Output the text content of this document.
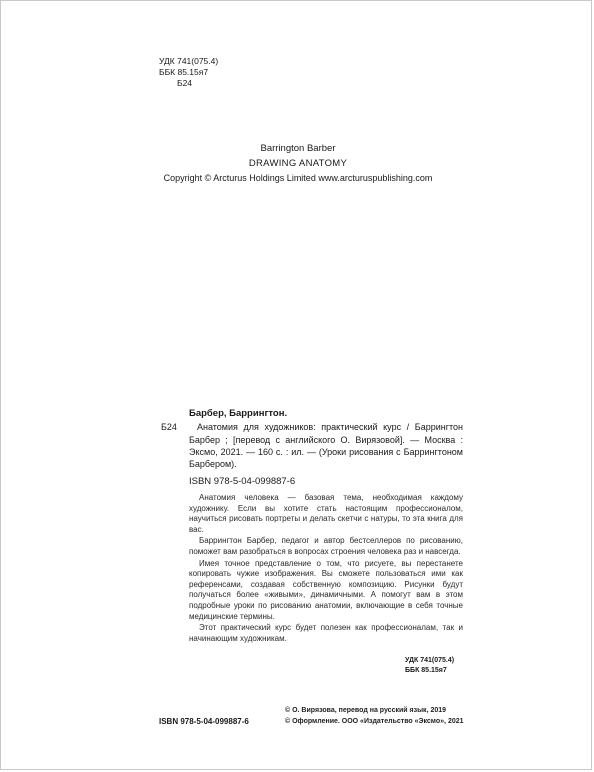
УДК 741(075.4)
ББК 85.15я7
Б24
Barrington Barber
DRAWING ANATOMY
Copyright © Arcturus Holdings Limited www.arcturuspublishing.com
Б24
Барбер, Баррингтон.
Анатомия для художников: практический курс / Баррингтон Барбер ; [перевод с английского О. Вирязовой]. — Москва : Эксмо, 2021. — 160 с. : ил. — (Уроки рисования с Баррингтоном Барбером).
ISBN 978-5-04-099887-6

Анатомия человека — базовая тема, необходимая каждому художнику. Если вы хотите стать настоящим профессионалом, научиться рисовать портреты и делать скетчи с натуры, то эта книга для вас.

Баррингтон Барбер, педагог и автор бестселлеров по рисованию, поможет вам разобраться в вопросах строения человека раз и навсегда.

Имея точное представление о том, что рисуете, вы перестанете копировать чужие изображения. Вы сможете пользоваться ими как референсами, создавая собственную композицию. Рисунки будут получаться более «живыми», динамичными. А помогут вам в этом подробные уроки по рисованию анатомии, включающие в себя точные медицинские термины.

Этот практический курс будет полезен как профессионалам, так и начинающим художникам.

УДК 741(075.4)
ББК 85.15я7
ISBN 978-5-04-099887-6
© О. Вирязова, перевод на русский язык, 2019
© Оформление. ООО «Издательство «Эксмо», 2021
